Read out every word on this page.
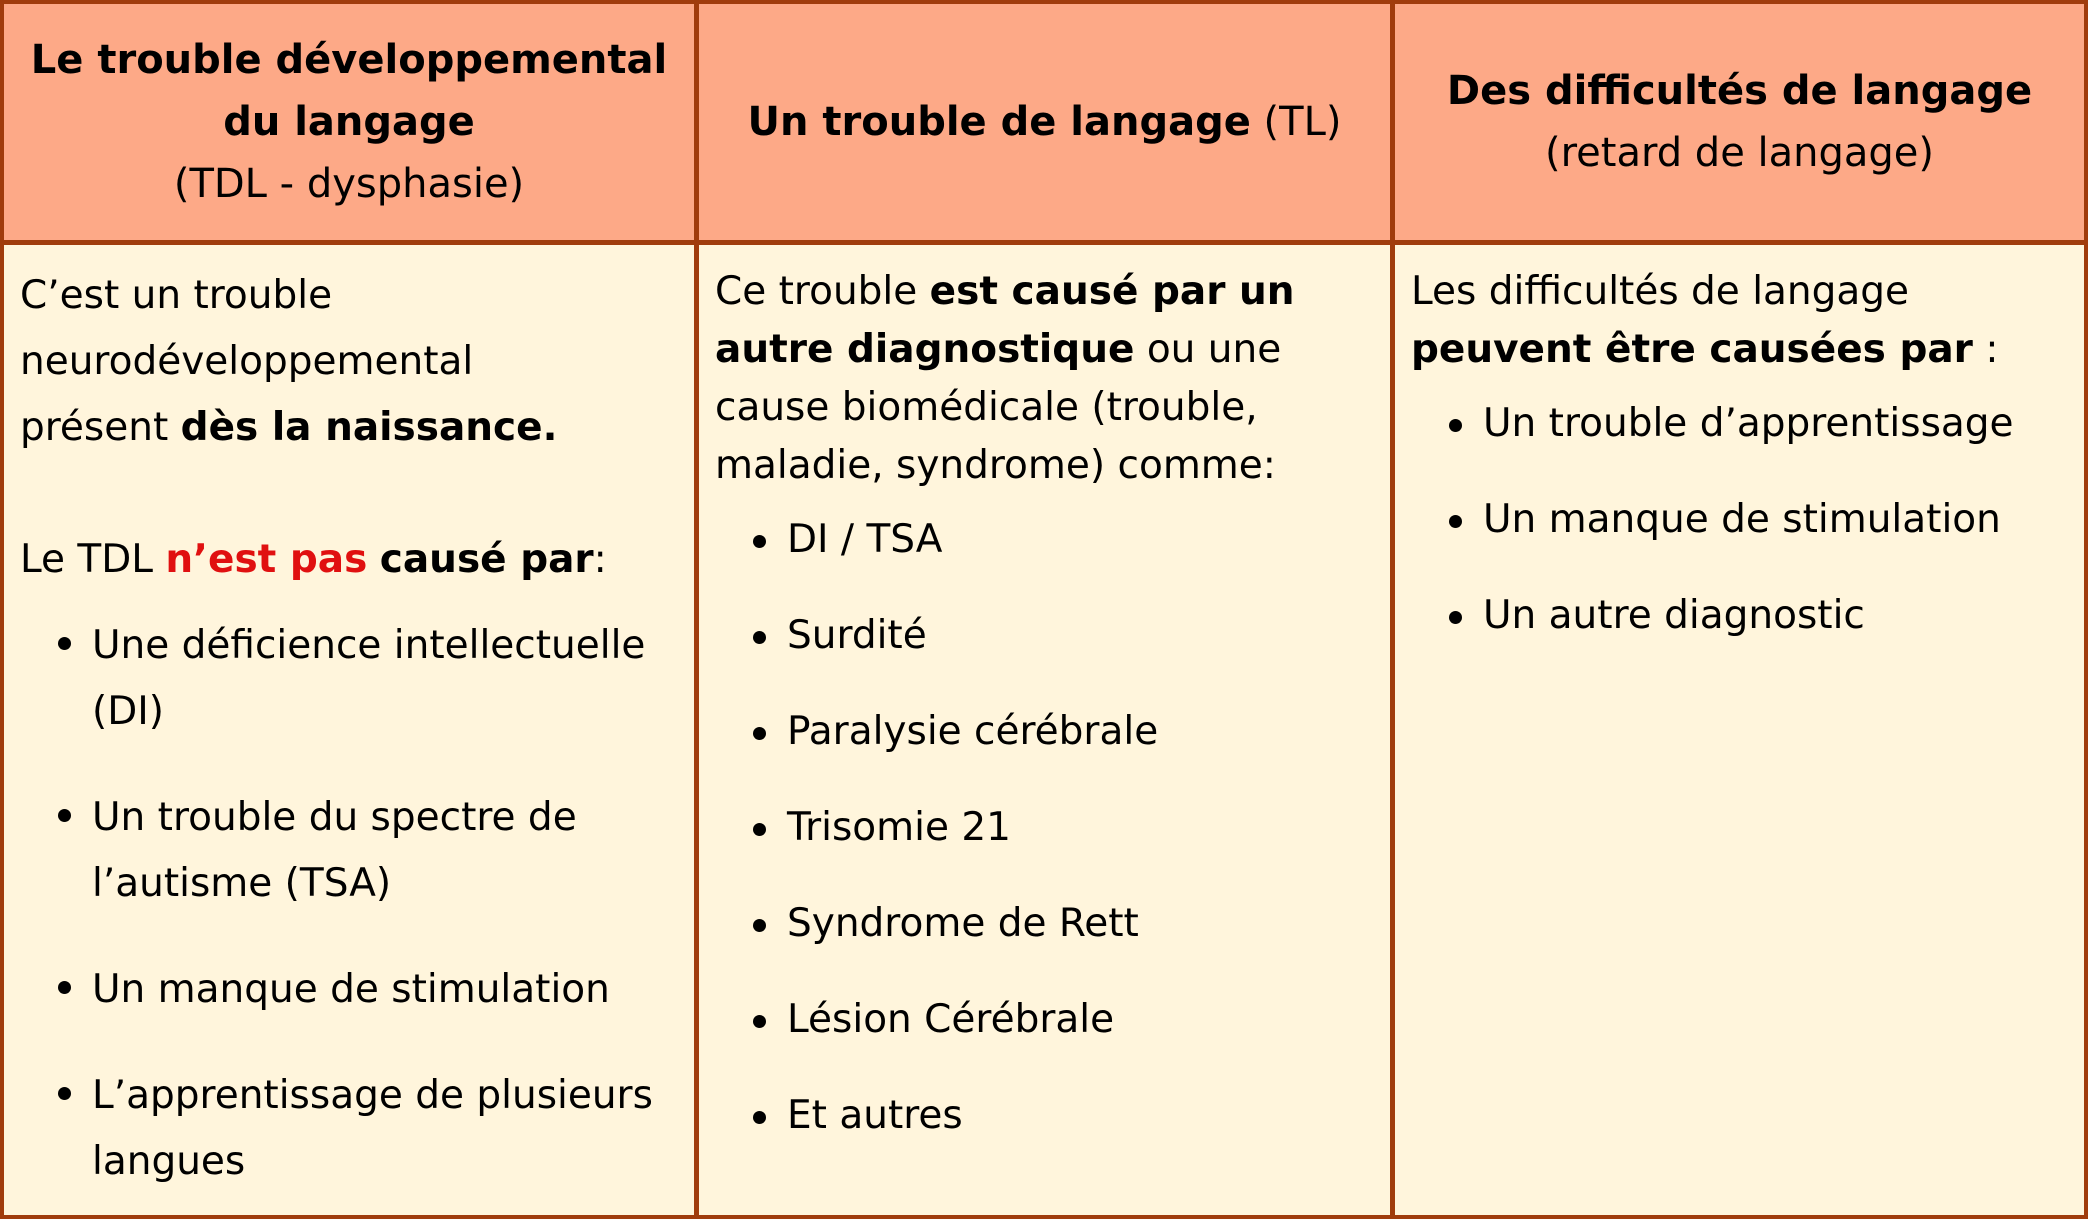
Le trouble développemental
du langage
(TDL - dysphasie)
Un trouble de langage (TL)
Des difficultés de langage
(retard de langage)

C’est un trouble
neurodéveloppemental
présent dès la naissance.

Le TDL n’est pas causé par:

Une déficience intellectuelle
(DI)
Un trouble du spectre de
l’autisme (TSA)
Un manque de stimulation
L’apprentissage de plusieurs
langues

Ce trouble est causé par un
autre diagnostique ou une
cause biomédicale (trouble,
maladie, syndrome) comme:

DI / TSA
Surdité
Paralysie cérébrale
Trisomie 21
Syndrome de Rett
Lésion Cérébrale
Et autres

Les difficultés de langage
peuvent être causées par :

Un trouble d’apprentissage
Un manque de stimulation
Un autre diagnostic
